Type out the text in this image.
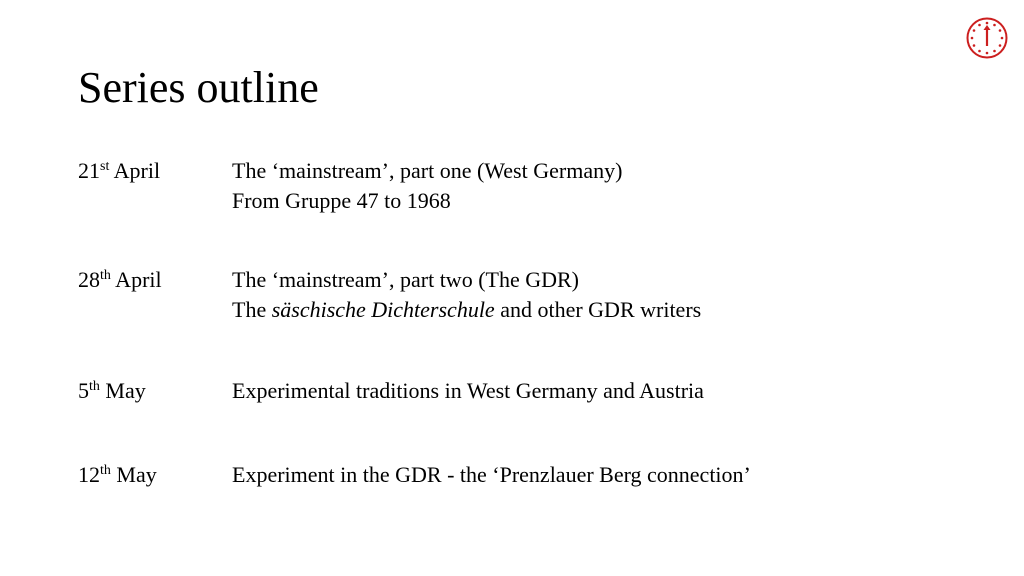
Series outline
21st April	The ‘mainstream’, part one (West Germany)
From Gruppe 47 to 1968
28th April	The ‘mainstream’, part two (The GDR)
The säschische Dichterschule and other GDR writers
5th May	Experimental traditions in West Germany and Austria
12th May	Experiment in the GDR - the ‘Prenzlauer Berg connection’
